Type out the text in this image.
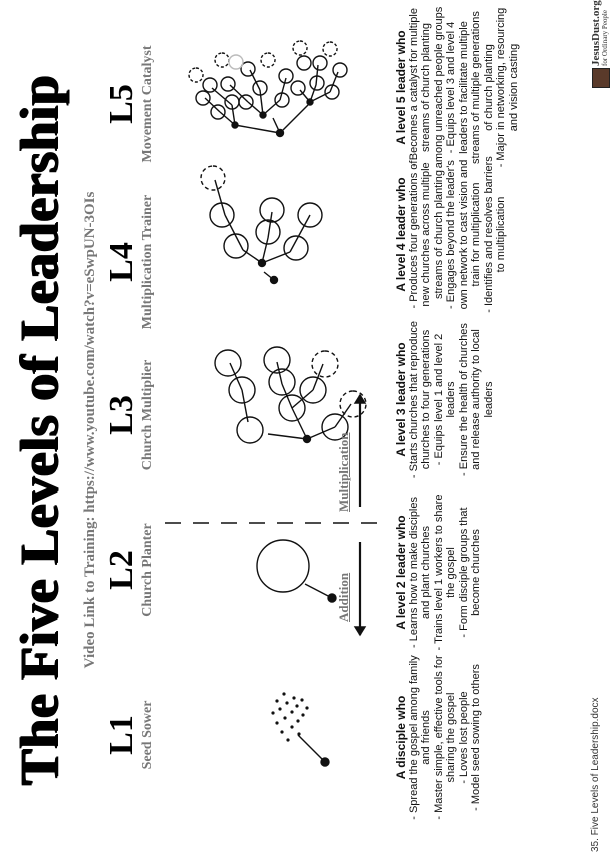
The Five Levels of Leadership Video Link to Training: https://www.youtube.com/watch?v=eSwpUN-3OIs
L1 Seed Sower
L2 Church Planter
L3 Church Multiplier
L4 Multiplication Trainer
L5 Movement Catalyst
Addition
Multiplication
A disciple who - Spread the gospel among family and friends - Master simple, effective tools for sharing the gospel - Loves lost people - Model seed sowing to others
A level 2 leader who - Learns how to make disciples and plant churches - Trains level 1 workers to share the gospel - Form disciple groups that become churches
A level 3 leader who - Starts churches that reproduce churches to four generations - Equips level 1 and level 2 leaders - Ensure the health of churches and release authority to local leaders
A level 4 leader who - Produces four generations of new churches across multiple streams of church planting - Engages beyond the leader's own network to cast vision and train for multiplication - Identifies and resolves barriers to multiplication
A level 5 leader who - Becomes a catalyst for multiple streams of church planting among unreached people groups - Equips level 3 and level 4 leaders to facilitate multiple streams of multiple generations of church planting - Major in networking, resourcing and vision casting
35. Five Levels of Leadership.docx
JesusDust.org for Ordinary People
